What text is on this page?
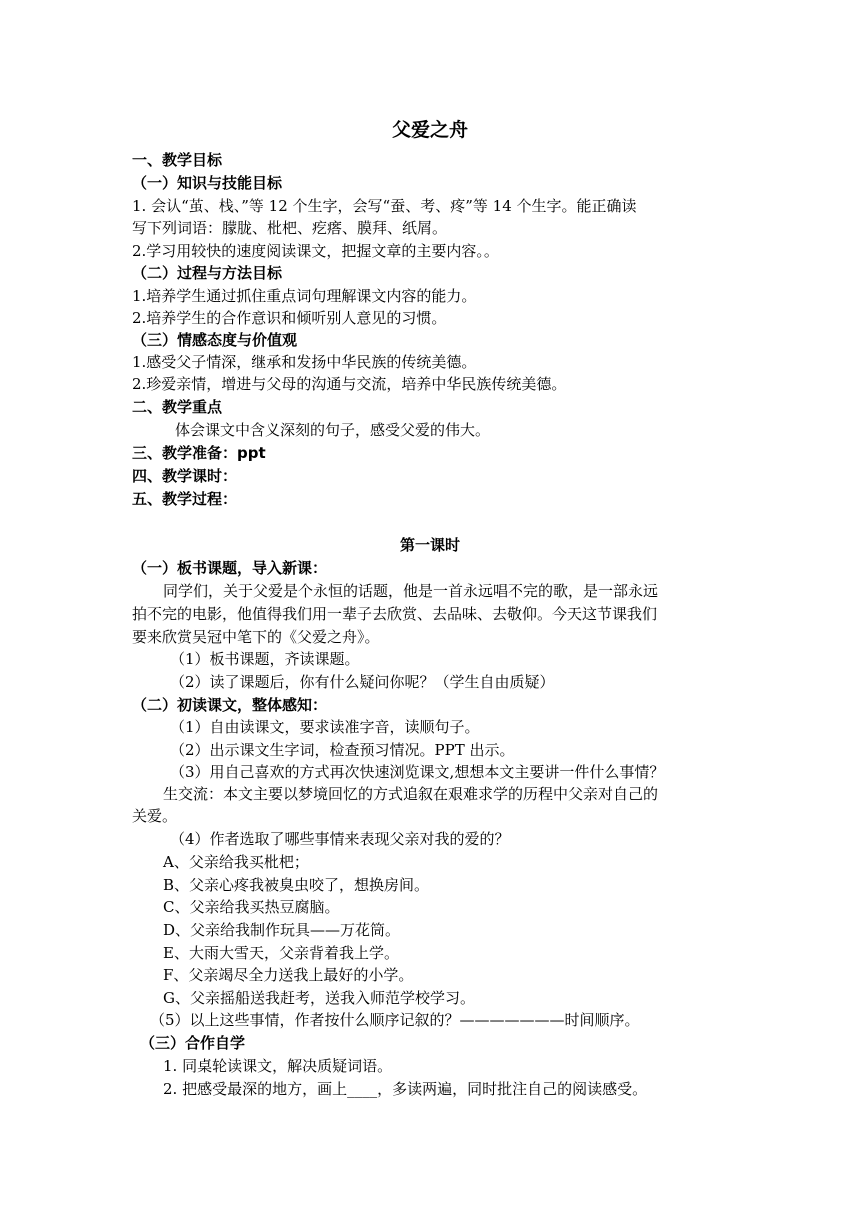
父爱之舟
一、教学目标
（一）知识与技能目标
1. 会认“茧、栈、”等 12 个生字，会写“蚕、考、疼”等 14 个生字。能正确读
写下列词语：朦胧、枇杷、疙瘩、膜拜、纸屑。
2.学习用较快的速度阅读课文，把握文章的主要内容。。
（二）过程与方法目标
1.培养学生通过抓住重点词句理解课文内容的能力。
2.培养学生的合作意识和倾听别人意见的习惯。
（三）情感态度与价值观
1.感受父子情深，继承和发扬中华民族的传统美德。
2.珍爱亲情，增进与父母的沟通与交流，培养中华民族传统美德。
二、教学重点
体会课文中含义深刻的句子，感受父爱的伟大。
三、教学准备：ppt
四、教学课时：
五、教学过程：
第一课时
（一）板书课题，导入新课：
同学们，关于父爱是个永恒的话题，他是一首永远唱不完的歌，是一部永远
拍不完的电影，他值得我们用一辈子去欣赏、去品味、去敬仰。今天这节课我们
要来欣赏吴冠中笔下的《父爱之舟》。
（1）板书课题，齐读课题。
（2）读了课题后，你有什么疑问你呢？（学生自由质疑）
（二）初读课文，整体感知：
（1）自由读课文，要求读准字音，读顺句子。
（2）出示课文生字词，检查预习情况。PPT 出示。
（3）用自己喜欢的方式再次快速浏览课文,想想本文主要讲一件什么事情？
生交流：本文主要以梦境回忆的方式追叙在艰难求学的历程中父亲对自己的
关爱。
（4）作者选取了哪些事情来表现父亲对我的爱的？
A、父亲给我买枇杷；
B、父亲心疼我被臭虫咬了，想换房间。
C、父亲给我买热豆腐脑。
D、父亲给我制作玩具——万花筒。
E、大雨大雪天，父亲背着我上学。
F、父亲竭尽全力送我上最好的小学。
G、父亲摇船送我赶考，送我入师范学校学习。
（5）以上这些事情，作者按什么顺序记叙的？———————时间顺序。
（三）合作自学
1. 同桌轮读课文，解决质疑词语。
2. 把感受最深的地方，画上____，多读两遍，同时批注自己的阅读感受。
